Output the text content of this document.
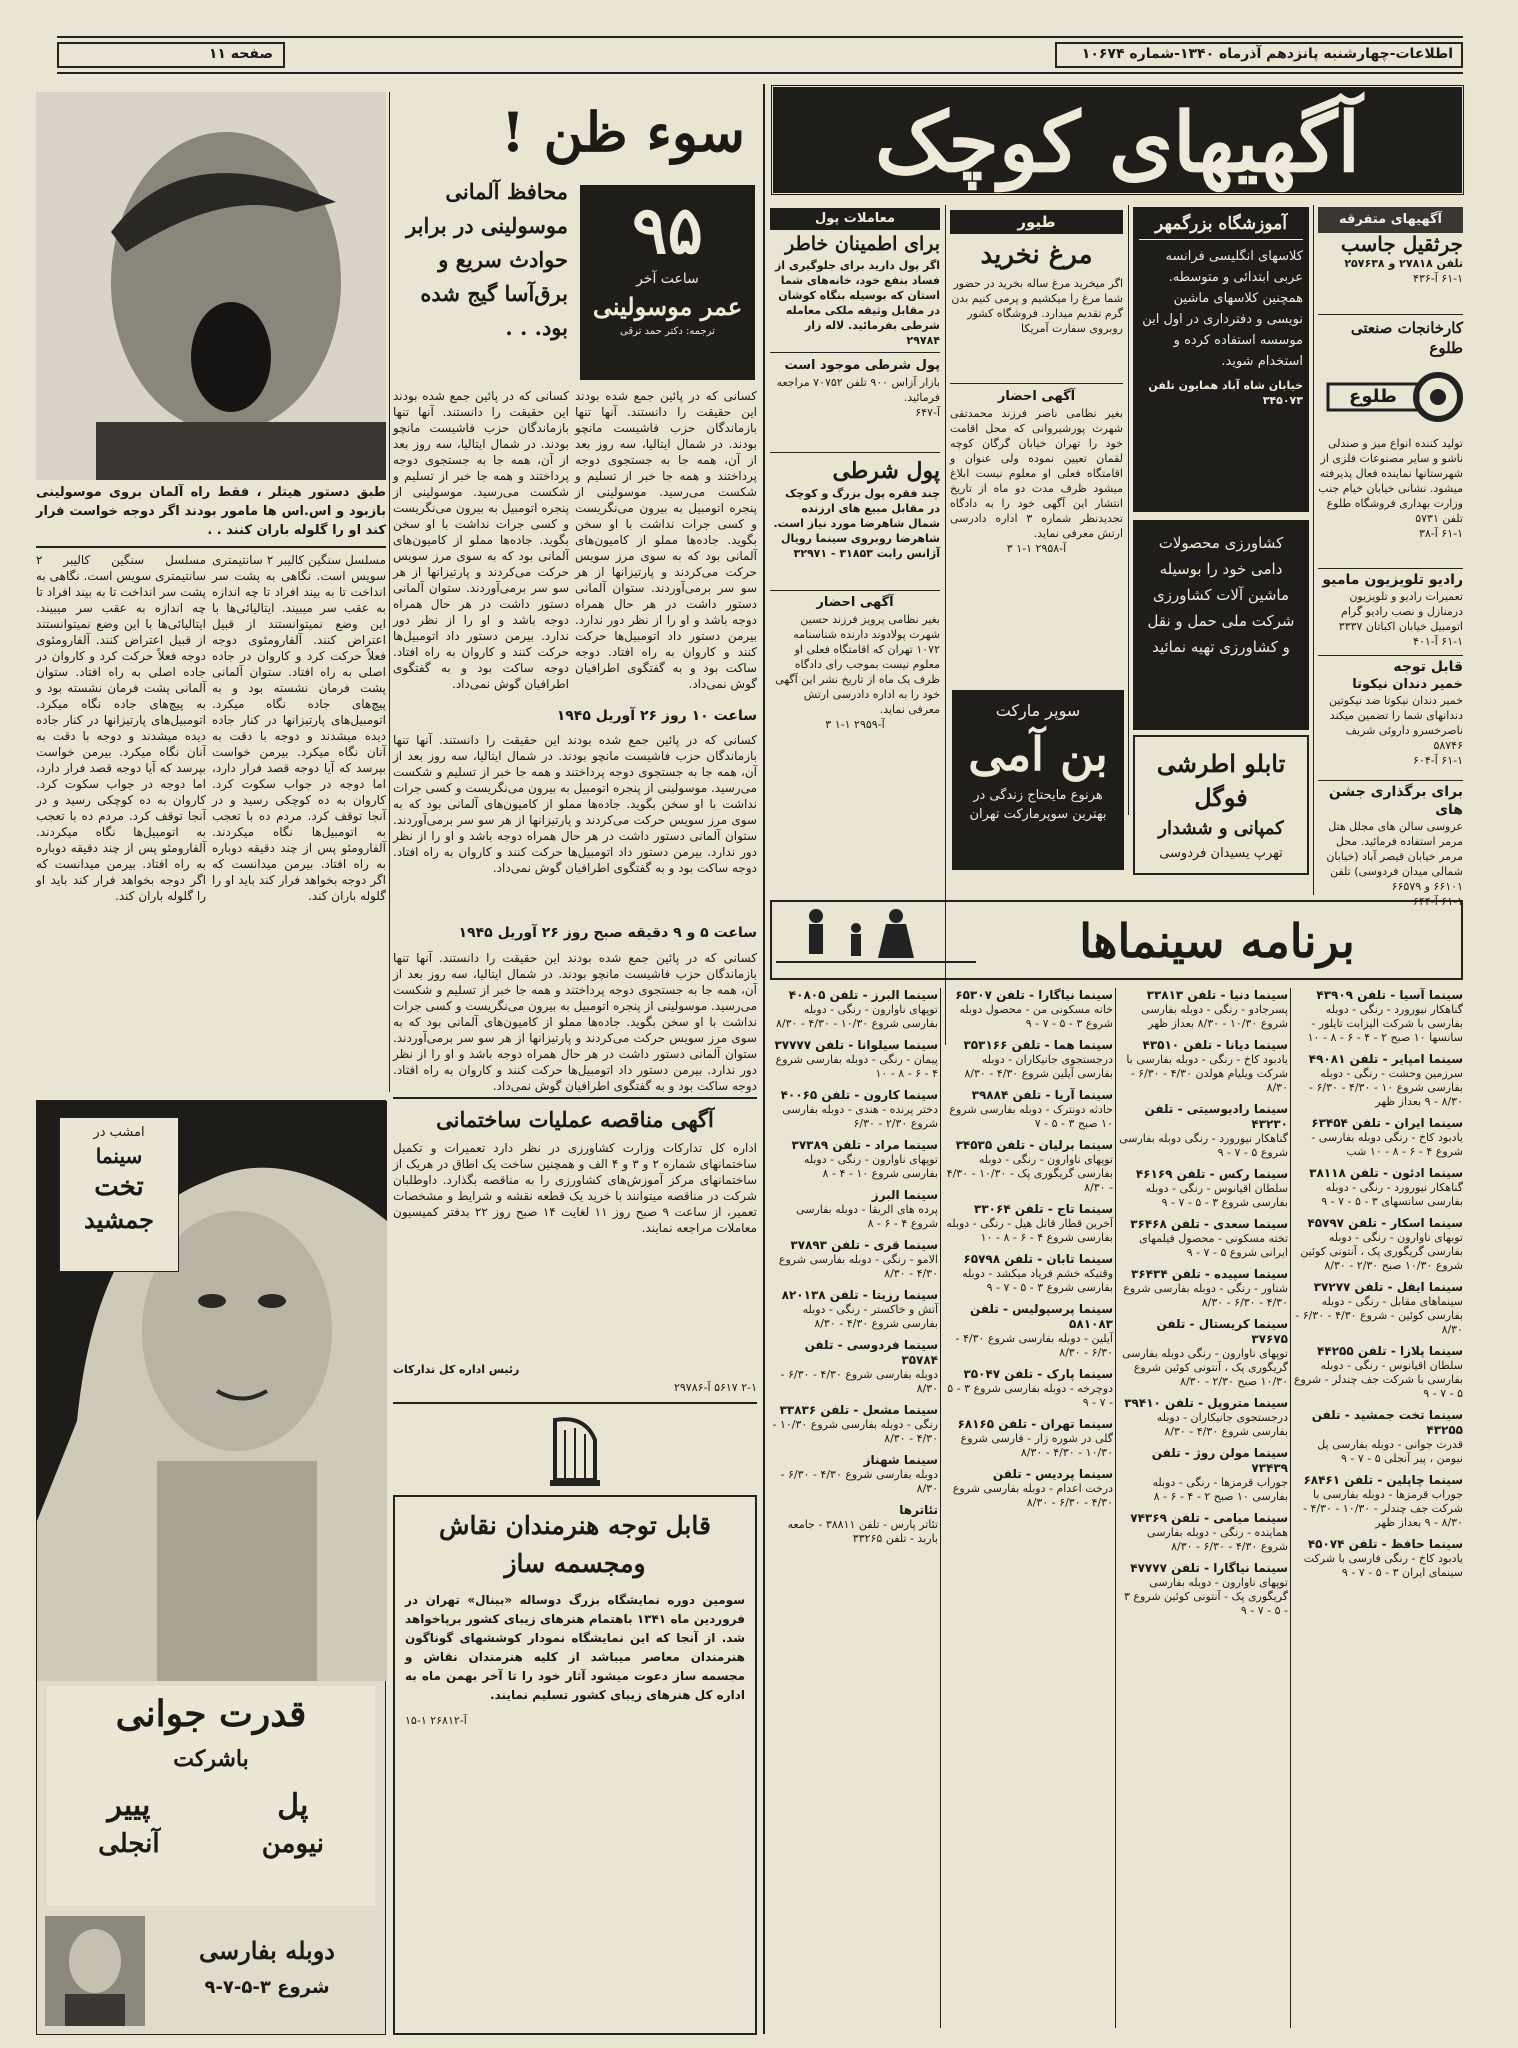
اطلاعات-چهارشنبه پانزدهم آذرماه ۱۳۴۰-شماره ۱۰۶۷۴
صفحه ۱۱
آگهیهای کوچک
آگهیهای متفرقه
جرثقیل جاسب
تلفن ۲۷۸۱۸ و ۲۵۷۶۳۸
۶۱-۱ آ-۴۳۶
کارخانجات صنعتی طلوع
طلوع
تولید کننده انواع میز و صندلی ناشو و سایر مصنوعات فلزی از شهرستانها نماینده فعال پذیرفته میشود. نشانی خیابان خیام جنب وزارت بهداری فروشگاه طلوع تلفن ۵۷۳۱
۶۱-۱ آ-۳۸
رادیو تلویزیون مامیو
تعمیرات رادیو و تلویزیون درمنازل و نصب رادیو گرام اتومبیل خیابان اکباتان ۳۳۳۷
۶۱-۱ آ-۴۰۱
قابل توجه
خمیر دندان نیکوتا
خمیر دندان نیکوتا ضد نیکوتین دندانهای شما را تضمین میکند ناصرخسرو داروئی شریف ۵۸۷۴۶
۶۱-۱ آ-۶۰۴
برای برگذاری جشن های
عروسی سالن های مجلل هتل مرمر استفاده فرمائید. محل مرمر خیابان قیصر آباد (خیابان شمالی میدان فردوسی) تلفن ۶۶۱۰۱ و ۶۶۵۷۹
۶۱-۱ آ-۶۴۴
آموزشگاه بزرگمهر
کلاسهای انگلیسی فرانسه عربی ابتدائی و متوسطه. همچنین کلاسهای ماشین نویسی و دفترداری در اول این موسسه استفاده کرده و استخدام شوید.
خیابان شاه آباد همایون تلفن ۳۴۵۰۷۳
کشاورزی محصولات دامی خود را بوسیله ماشین آلات کشاورزی شرکت ملی حمل و نقل و کشاورزی تهیه نمائید
تابلو اطرشی فوگل
کمپانی و ششدار
تهرپ یسیدان فردوسی
طیور
مرغ نخرید
اگر میخرید مرغ ساله بخرید در حضور شما مرغ را میکشیم و پرمی کنیم بدن گرم تقدیم میدارد. فروشگاه کشور روبروی سفارت آمریکا
آگهی احضار
بغیر نظامی ناصر فرزند محمدتقی شهرت پورشیروانی که محل اقامت خود را تهران خیابان گرگان کوچه لقمان تعیین نموده ولی عنوان و اقامتگاه فعلی او معلوم نیست ابلاغ میشود ظرف مدت دو ماه از تاریخ انتشار این آگهی خود را به دادگاه تجدیدنظر شماره ۳ اداره دادرسی ارتش معرفی نماید.
آ-۲۹۵۸ ۱-۱ ۳
سوپر مارکت
بن آمی
هرنوع مایحتاج زندگی در بهترین سوپرمارکت تهران
معاملات پول
برای اطمینان خاطر
اگر پول دارید برای جلوگیری از فساد بنفع خود، خانه‌های شما استان که بوسیله بنگاه کوشان در مقابل وثیقه ملکی معامله شرطی بفرمائید. لاله زار ۲۹۷۸۴
پول شرطی موجود است
بازار آزاس ۹۰۰ تلفن ۷۰۷۵۲ مراجعه فرمائید.
آ-۶۴۷
پول شرطی
چند فقره پول بزرگ و کوچک در مقابل مبیع های ارزنده شمال شاهرضا مورد نیاز است. شاهرضا روبروی سینما رویال آژانس رابت ۳۱۸۵۳ - ۳۲۹۷۱
آگهی احضار
بغیر نظامی پرویز فرزند حسین شهرت پولادوند دارنده شناسنامه ۱۰۷۲ تهران که اقامتگاه فعلی او معلوم نیست بموجب رای دادگاه ظرف یک ماه از تاریخ نشر این آگهی خود را به اداره دادرسی ارتش معرفی نماید.
آ-۲۹۵۹ ۱-۱ ۳
برنامه سینماها
سینما آسیا - تلفن ۴۳۹۰۹
گناهکار نیورورد - رنگی - دوبله بفارسی با شرکت الیزابت تایلور - سانسها ۱۰ صبح ۲ - ۴ - ۶ - ۸ - ۱۰
سینما امپایر - تلفن ۴۹۰۸۱
سرزمین وحشت - رنگی - دوبله بفارسی شروع ۱۰ - ۴/۳۰ - ۶/۳۰ - ۸/۳۰ - ۹ بعداز ظهر
سینما ایران - تلفن ۶۳۴۵۴
یادبود کاخ - رنگی دوبله بفارسی - شروع ۴ - ۶ - ۸ - ۱۰ شب
سینما ادئون - تلفن ۳۸۱۱۸
گناهکار نیورورد - رنگی - دوبله بفارسی سانسهای ۳ - ۵ - ۷ - ۹
سینما اسکار - تلفن ۴۵۷۹۷
توبهای ناوارون - رنگی - دوبله بفارسی گریگوری پک ، آنتونی کوئین شروع ۱۰/۳۰ صبح ۲/۳۰ - ۸/۳۰
سینما ایفل - تلفن ۳۷۲۷۷
سینماهای مقابل - رنگی - دوبله بفارسی کوئین - شروع ۴/۳۰ - ۶/۳۰ - ۸/۳۰
سینما پلازا - تلفن ۴۴۲۵۵
سلطان اقیانوس - رنگی - دوبله بفارسی با شرکت جف چندلر - شروع ۵ - ۷ - ۹
سینما تخت جمشید - تلفن ۴۳۲۵۵
قدرت جوانی - دوبله بفارسی پل نیومن ، پیر آنجلی ۵ - ۷ - ۹
سینما چاپلین - تلفن ۶۸۴۶۱
جوراب قرمزها - دوبله بفارسی با شرکت جف چندلر - ۱۰/۳۰ - ۴/۳۰ - ۸/۳۰ - ۹ بعداز ظهر
سینما حافظ - تلفن ۴۵۰۷۴
یادبود کاخ - رنگی فارسی با شرکت سینمای ایران ۳ - ۵ - ۷ - ۹
سینما دنیا - تلفن ۳۳۸۱۳
پسرجادو - رنگی - دوبله بفارسی شروع ۱۰/۳۰ - ۸/۳۰ بعداز ظهر
سینما دیانا - تلفن ۴۳۵۱۰
یادبود کاخ - رنگی - دوبله بفارسی با شرکت ویلیام هولدن ۴/۳۰ - ۶/۳۰ - ۸/۳۰
سینما رادیوسیتی - تلفن ۴۳۲۳۰
گناهکار نیورورد - رنگی دوبله بفارسی شروع ۵ - ۷ - ۹
سینما رکس - تلفن ۴۶۱۶۹
سلطان اقیانوس - رنگی - دوبله بفارسی شروع ۳ - ۵ - ۷ - ۹
سینما سعدی - تلفن ۳۶۴۶۸
تخته مسکونی - محصول فیلمهای ایرانی شروع ۵ - ۷ - ۹
سینما سپیده - تلفن ۳۶۴۳۴
شناور - رنگی - دوبله بفارسی شروع ۴/۳۰ - ۶/۳۰ - ۸/۳۰
سینما کریستال - تلفن ۳۷۶۷۵
توپهای ناوارون - رنگی دوبله بفارسی گریگوری پک ، آنتونی کوئین شروع ۱۰/۳۰ صبح ۲/۳۰ - ۸/۳۰
سینما متروپل - تلفن ۳۹۴۱۰
درجستجوی جانیکاران - دوبله بفارسی شروع ۴/۳۰ - ۸/۳۰
سینما مولن روژ - تلفن ۷۳۴۳۹
جوراب قرمزها - رنگی - دوبله بفارسی ۱۰ صبح ۲ - ۴ - ۶ - ۸
سینما میامی - تلفن ۷۴۳۶۹
هماینده - رنگی - دوبله بفارسی شروع ۴/۳۰ - ۶/۳۰ - ۸/۳۰
سینما نیاگارا - تلفن ۴۷۷۷۷
توپهای ناوارون - دوبله بفارسی گریگوری پک - آنتونی کوئین شروع ۳ - ۵ - ۷ - ۹
سینما نیاگارا - تلفن ۶۵۳۰۷
خانه مسکونی من - محصول دوبله شروع ۳ - ۵ - ۷ - ۹
سینما هما - تلفن ۳۵۳۱۶۶
درجستجوی جانیکاران - دوبله بفارسی آیلین شروع ۴/۳۰ - ۸/۳۰
سینما آریا - تلفن ۳۹۸۸۴
حادثه دونترک - دوبله بفارسی شروع ۱۰ صبح ۳ - ۵ - ۷
سینما برلیان - تلفن ۳۴۵۳۵
توپهای ناوارون - رنگی - دوبله بفارسی گریگوری پک - ۱۰/۳۰ - ۴/۳۰ - ۸/۳۰
سینما تاج - تلفن ۳۳۰۶۴
آخرین قطار قاتل هیل - رنگی - دوبله بفارسی شروع ۴ - ۶ - ۸ - ۱۰
سینما تابان - تلفن ۶۵۷۹۸
وقتیکه خشم فریاد میکشد - دوبله بفارسی شروع ۳ - ۵ - ۷ - ۹
سینما پرسپولیس - تلفن ۵۸۱۰۸۳
آیلین - دوبله بفارسی شروع ۴/۳۰ - ۶/۳۰ - ۸/۳۰
سینما پارک - تلفن ۳۵۰۴۷
دوچرخه - دوبله بفارسی شروع ۳ - ۵ - ۷ - ۹
سینما تهران - تلفن ۶۸۱۶۵
گلی در شوره زار - فارسی شروع ۱۰/۳۰ - ۴/۳۰ - ۸/۳۰
سینما پردیس - تلفن
درخت اعدام - دوبله بفارسی شروع ۴/۳۰ - ۶/۳۰ - ۸/۳۰
سینما البرز - تلفن ۴۰۸۰۵
توپهای ناوارون - رنگی - دوبله بفارسی شروع ۱۰/۳۰ - ۴/۳۰ - ۸/۳۰
سینما سیلوانا - تلفن ۳۷۷۷۷
پیمان - رنگی - دوبله بفارسی شروع ۴ - ۶ - ۸ - ۱۰
سینما کارون - تلفن ۴۰۰۶۵
دختر پرنده - هندی - دوبله بفارسی شروع ۲/۳۰ - ۶/۳۰
سینما مراد - تلفن ۳۷۳۸۹
توپهای ناوارون - رنگی - دوبله بفارسی شروع ۱۰ - ۴ - ۸
سینما البرز
پرده های الریقا - دوبله بفارسی شروع ۴ - ۶ - ۸
سینما قری - تلفن ۳۷۸۹۳
الامو - رنگی - دوبله بفارسی شروع ۴/۳۰ - ۸/۳۰
سینما رزیتا - تلفن ۸۲۰۱۳۸
آتش و خاکستر - رنگی - دوبله بفارسی شروع ۴/۳۰ - ۸/۳۰
سینما فردوسی - تلفن ۳۵۷۸۴
دوبله بفارسی شروع ۴/۳۰ - ۶/۳۰ - ۸/۳۰
سینما مشعل - تلفن ۳۳۸۳۶
رنگی - دوبله بفارسی شروع ۱۰/۳۰ - ۴/۳۰ - ۸/۳۰
سینما شهناز
دوبله بفارسی شروع ۴/۳۰ - ۶/۳۰ - ۸/۳۰
تئاترها
تئاتر پارس - تلفن ۳۸۸۱۱ - جامعه باربد - تلفن ۳۳۲۶۵
سوء ظن !
محافظ آلمانی موسولینی در برابر حوادث سریع و برق‌آسا گیج شده بود. . .
۹۵
ساعت آخر
عمر موسولینی
ترجمه: دکتر حمد ترقی
طبق دستور هیتلر ، فقط راه آلمان بروی موسولینی بازبود و اس.اس ها مامور بودند اگر دوجه خواست فرار کند او را گلوله باران کنند . .
کسانی که در پائین جمع شده بودند این حقیقت را دانستند. آنها تنها بازماندگان حزب فاشیست مانچو بودند. در شمال ایتالیا، سه روز بعد از آن، همه جا به جستجوی دوجه پرداختند و همه جا خبر از تسلیم و شکست می‌رسید. موسولینی از پنجره اتومبیل به بیرون می‌نگریست و کسی جرات نداشت با او سخن بگوید. جاده‌ها مملو از کامیون‌های آلمانی بود که به سوی مرز سویس حرکت می‌کردند و پارتیزانها از هر سو سر برمی‌آوردند. ستوان آلمانی دستور داشت در هر حال همراه دوجه باشد و او را از نظر دور ندارد. بیرمن دستور داد اتومبیل‌ها حرکت کنند و کاروان به راه افتاد. دوجه ساکت بود و به گفتگوی اطرافیان گوش نمی‌داد.
کسانی که در پائین جمع شده بودند این حقیقت را دانستند. آنها تنها بازماندگان حزب فاشیست مانچو بودند. در شمال ایتالیا، سه روز بعد از آن، همه جا به جستجوی دوجه پرداختند و همه جا خبر از تسلیم و شکست می‌رسید. موسولینی از پنجره اتومبیل به بیرون می‌نگریست و کسی جرات نداشت با او سخن بگوید. جاده‌ها مملو از کامیون‌های آلمانی بود که به سوی مرز سویس حرکت می‌کردند و پارتیزانها از هر سو سر برمی‌آوردند. ستوان آلمانی دستور داشت در هر حال همراه دوجه باشد و او را از نظر دور ندارد. بیرمن دستور داد اتومبیل‌ها حرکت کنند و کاروان به راه افتاد. دوجه ساکت بود و به گفتگوی اطرافیان گوش نمی‌داد.
ساعت ۱۰ روز ۲۶ آوریل ۱۹۴۵
کسانی که در پائین جمع شده بودند این حقیقت را دانستند. آنها تنها بازماندگان حزب فاشیست مانچو بودند. در شمال ایتالیا، سه روز بعد از آن، همه جا به جستجوی دوجه پرداختند و همه جا خبر از تسلیم و شکست می‌رسید. موسولینی از پنجره اتومبیل به بیرون می‌نگریست و کسی جرات نداشت با او سخن بگوید. جاده‌ها مملو از کامیون‌های آلمانی بود که به سوی مرز سویس حرکت می‌کردند و پارتیزانها از هر سو سر برمی‌آوردند. ستوان آلمانی دستور داشت در هر حال همراه دوجه باشد و او را از نظر دور ندارد. بیرمن دستور داد اتومبیل‌ها حرکت کنند و کاروان به راه افتاد. دوجه ساکت بود و به گفتگوی اطرافیان گوش نمی‌داد.
ساعت ۵ و ۹ دقیقه صبح روز ۲۶ آوریل ۱۹۴۵
کسانی که در پائین جمع شده بودند این حقیقت را دانستند. آنها تنها بازماندگان حزب فاشیست مانچو بودند. در شمال ایتالیا، سه روز بعد از آن، همه جا به جستجوی دوجه پرداختند و همه جا خبر از تسلیم و شکست می‌رسید. موسولینی از پنجره اتومبیل به بیرون می‌نگریست و کسی جرات نداشت با او سخن بگوید. جاده‌ها مملو از کامیون‌های آلمانی بود که به سوی مرز سویس حرکت می‌کردند و پارتیزانها از هر سو سر برمی‌آوردند. ستوان آلمانی دستور داشت در هر حال همراه دوجه باشد و او را از نظر دور ندارد. بیرمن دستور داد اتومبیل‌ها حرکت کنند و کاروان به راه افتاد. دوجه ساکت بود و به گفتگوی اطرافیان گوش نمی‌داد.
مسلسل سنگین کالیبر ۲ سانتیمتری سویس است. نگاهی به پشت سر انداخت تا به بیند افراد تا چه اندازه به عقب سر میبیند. ایتالیائی‌ها با این وضع نمیتوانستند از قبیل اعتراض کنند. آلفارومئوی دوجه فعلاً حرکت کرد و کاروان در جاده اصلی به راه افتاد. ستوان آلمانی پشت فرمان نشسته بود و به پیچ‌های جاده نگاه میکرد. اتومبیل‌های پارتیزانها در کنار جاده دیده میشدند و دوجه با دقت به آنان نگاه میکرد. بیرمن خواست بپرسد که آیا دوجه قصد فرار دارد، اما دوجه در جواب سکوت کرد. کاروان به ده کوچکی رسید و در آنجا توقف کرد. مردم ده با تعجب به اتومبیل‌ها نگاه میکردند. آلفارومئو پس از چند دقیقه دوباره به راه افتاد. بیرمن میدانست که اگر دوجه بخواهد فرار کند باید او را گلوله باران کند.
مسلسل سنگین کالیبر ۲ سانتیمتری سویس است. نگاهی به پشت سر انداخت تا به بیند افراد تا چه اندازه به عقب سر میبیند. ایتالیائی‌ها با این وضع نمیتوانستند از قبیل اعتراض کنند. آلفارومئوی دوجه فعلاً حرکت کرد و کاروان در جاده اصلی به راه افتاد. ستوان آلمانی پشت فرمان نشسته بود و به پیچ‌های جاده نگاه میکرد. اتومبیل‌های پارتیزانها در کنار جاده دیده میشدند و دوجه با دقت به آنان نگاه میکرد. بیرمن خواست بپرسد که آیا دوجه قصد فرار دارد، اما دوجه در جواب سکوت کرد. کاروان به ده کوچکی رسید و در آنجا توقف کرد. مردم ده با تعجب به اتومبیل‌ها نگاه میکردند. آلفارومئو پس از چند دقیقه دوباره به راه افتاد. بیرمن میدانست که اگر دوجه بخواهد فرار کند باید او را گلوله باران کند.
آگهی مناقصه عملیات ساختمانی
اداره کل تدارکات وزارت کشاورزی در نظر دارد تعمیرات و تکمیل ساختمانهای شماره ۲ و ۳ و ۴ الف و همچنین ساخت یک اطاق در هریک از ساختمانهای مرکز آموزش‌های کشاورزی را به مناقصه بگذارد. داوطلبان شرکت در مناقصه میتوانند با خرید یک قطعه نقشه و شرایط و مشخصات تعمیر، از ساعت ۹ صبح روز ۱۱ لغایت ۱۴ صبح روز ۲۲ بدفتر کمیسیون معاملات مراجعه نمایند.
رئیس اداره کل تدارکات
۲-۱ ۵۶۱۷ آ-۲۹۷۸۶
قابل توجه هنرمندان نقاش
ومجسمه ساز
سومین دوره نمایشگاه بزرگ دوساله «بینال» تهران در فروردین ماه ۱۳۴۱ باهتمام هنرهای زیبای کشور برپاخواهد شد. از آنجا که این نمایشگاه نمودار کوششهای گوناگون هنرمندان معاصر میباشد از کلیه هنرمندان نقاش و مجسمه ساز دعوت میشود آثار خود را تا آخر بهمن ماه به اداره کل هنرهای زیبای کشور تسلیم نمایند.
آ-۲۶۸۱۲ ۱-۱۵
امشب در
سینما
تخت
جمشید
قدرت جوانی
باشرکت
پل
نیومن
پییر
آنجلی
دوبله بفارسی
شروع ۳-۵-۷-۹
